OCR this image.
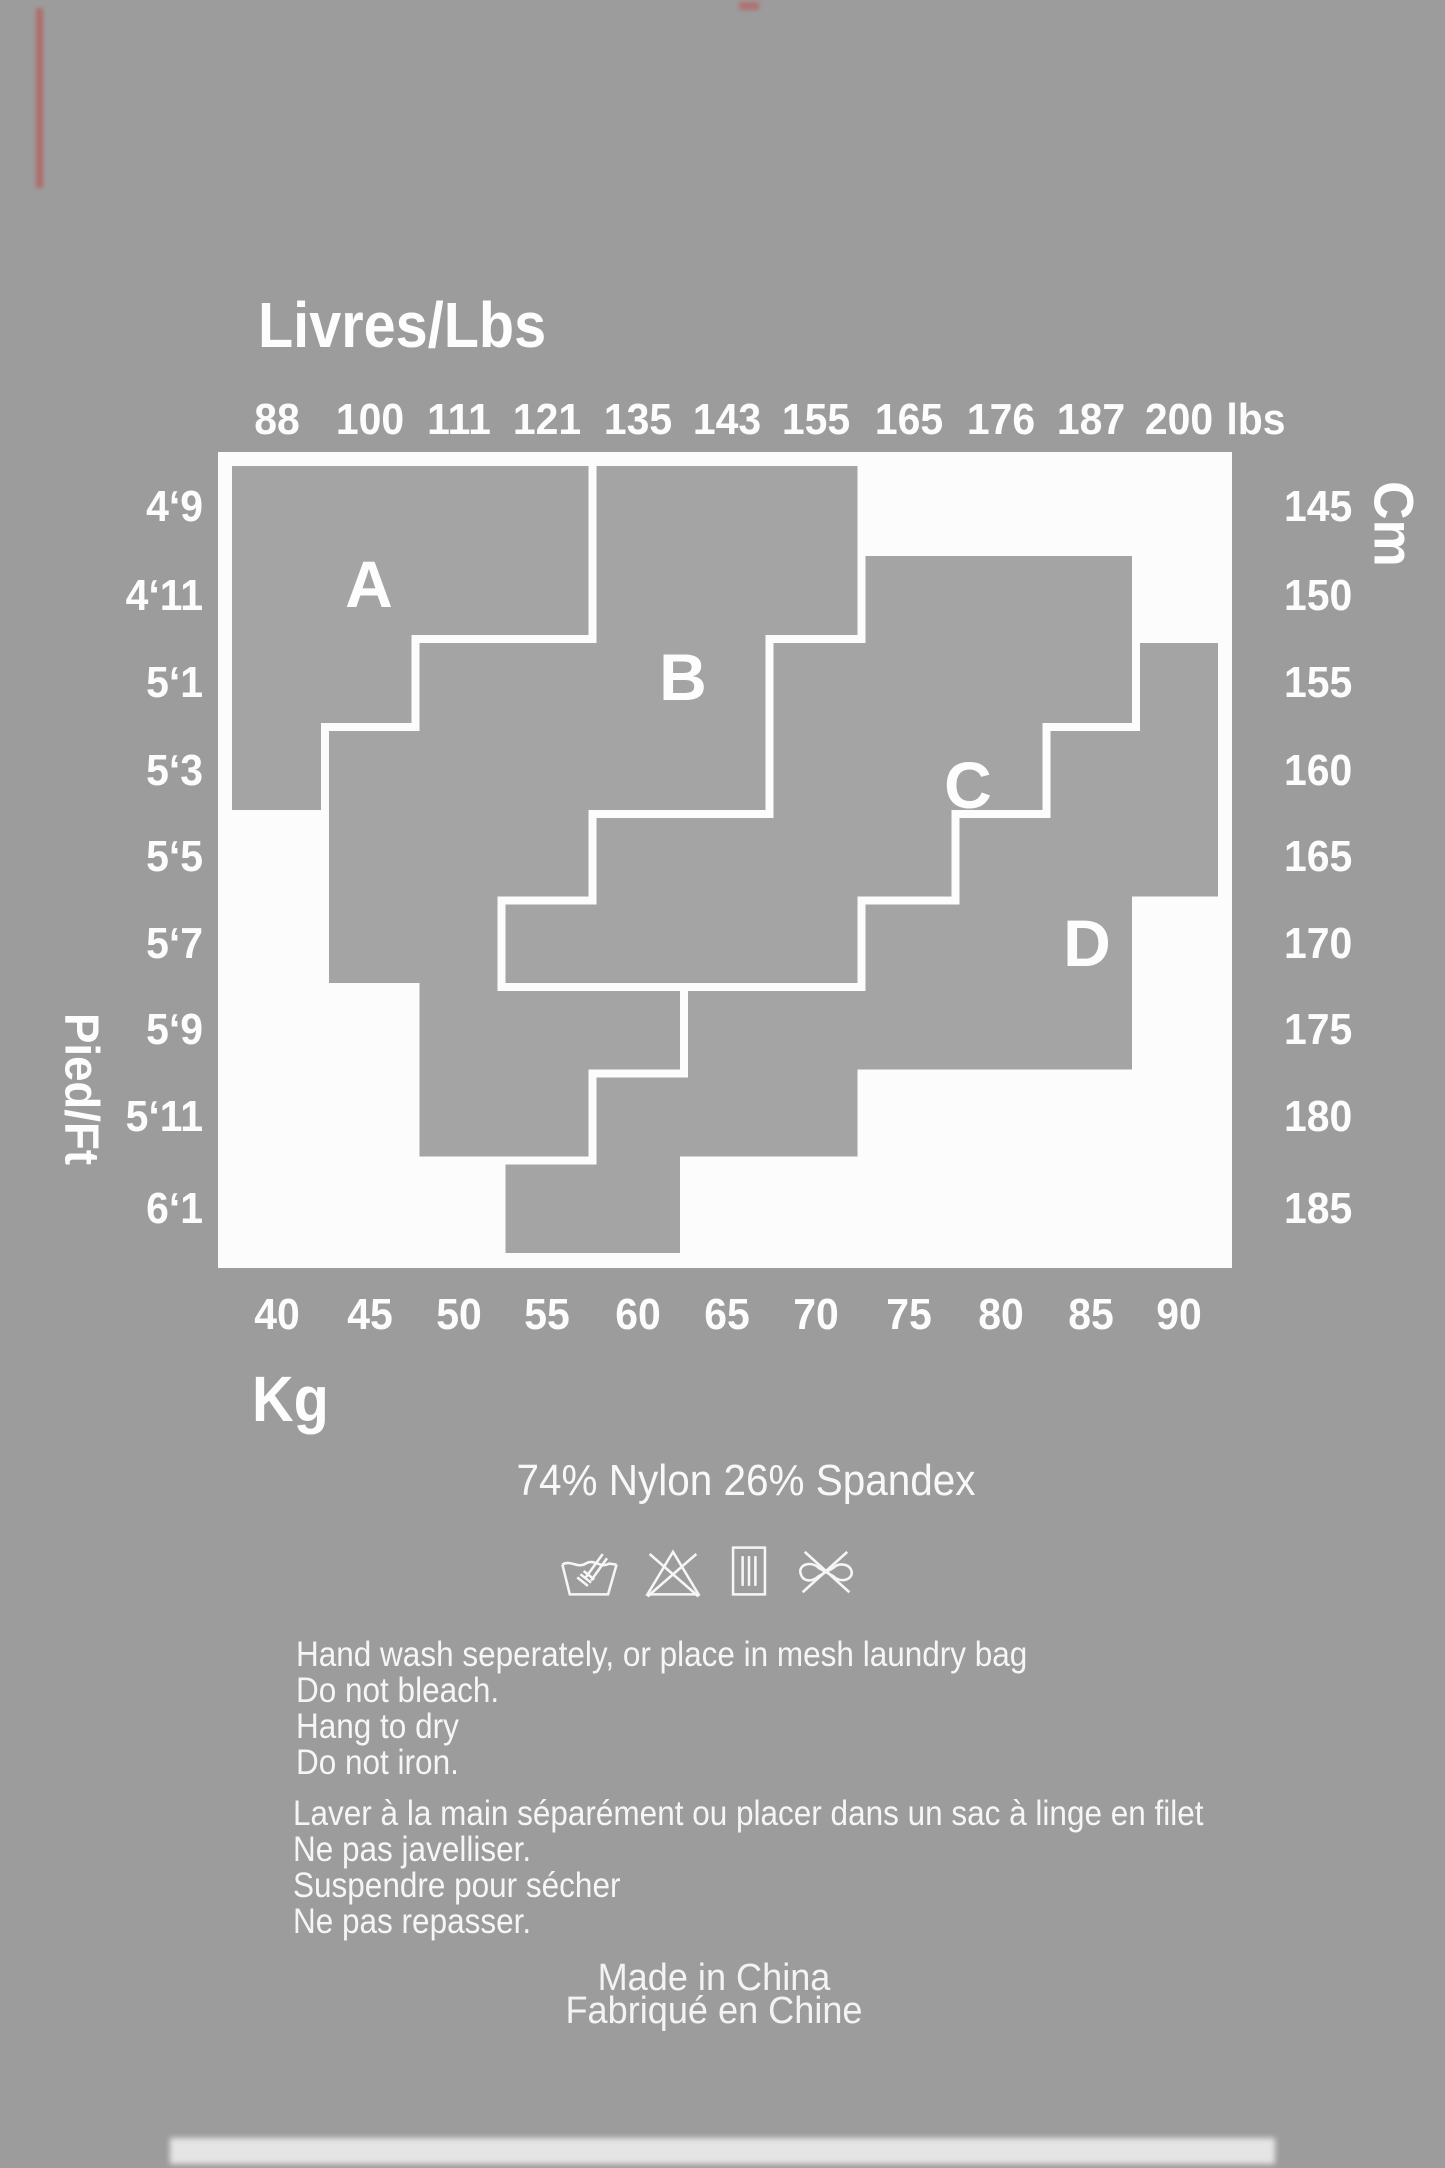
Livres/Lbs
A
B
C
D
Pied/Ft
Cm
Kg
74% Nylon 26% Spandex
Hand wash seperately, or place in mesh laundry bag
Do not bleach.
Hang to dry
Do not iron.
Laver à la main séparément ou placer dans un sac à linge en filet
Ne pas javelliser.
Suspendre pour sécher
Ne pas repasser.
Made in China
Fabriqué en Chine
88 100 111 121 135 143 155 165 176 187 200 lbs
40 45 50 55 60 65 70 75 80 85 90
4‘9
4‘11
5‘1
5‘3
5‘5
5‘7
5‘9
5‘11
6‘1
145
150
155
160
165
170
175
180
185
